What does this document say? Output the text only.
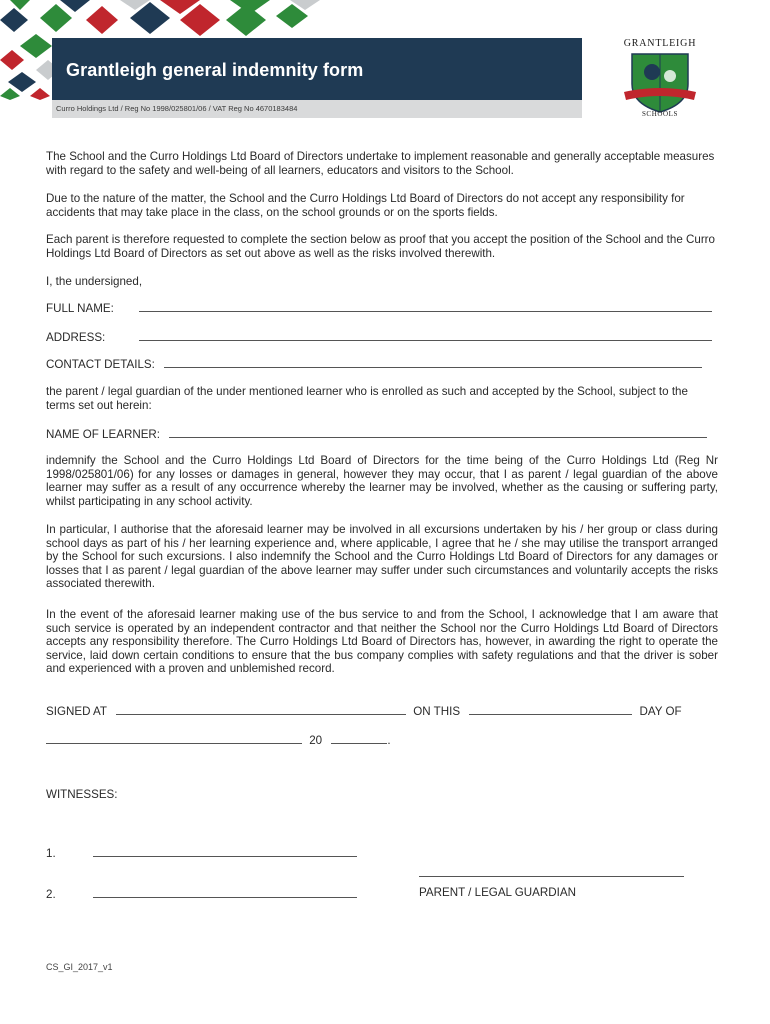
Grantleigh general indemnity form
Curro Holdings Ltd / Reg No 1998/025801/06 / VAT Reg No 4670183484
GRANTLEIGH
SCHOOLS
The School and the Curro Holdings Ltd Board of Directors undertake to implement reasonable and generally acceptable measures with regard to the safety and well-being of all learners, educators and visitors to the School.
Due to the nature of the matter, the School and the Curro Holdings Ltd Board of Directors do not accept any responsibility for accidents that may take place in the class, on the school grounds or on the sports fields.
Each parent is therefore requested to complete the section below as proof that you accept the position of the School and the Curro Holdings Ltd Board of Directors as set out above as well as the risks involved therewith.
I, the undersigned,
FULL NAME:
ADDRESS:
CONTACT DETAILS:
the parent / legal guardian of the under mentioned learner who is enrolled as such and accepted by the School, subject to the terms set out herein:
NAME OF LEARNER:
indemnify the School and the Curro Holdings Ltd Board of Directors for the time being of the Curro Holdings Ltd (Reg Nr 1998/025801/06) for any losses or damages in general, however they may occur, that I as parent / legal guardian of the above learner may suffer as a result of any occurrence whereby the learner may be involved, whether as the causing or suffering party, whilst participating in any school activity.
In particular, I authorise that the aforesaid learner may be involved in all excursions undertaken by his / her group or class during school days as part of his / her learning experience and, where applicable, I agree that he / she may utilise the transport arranged by the School for such excursions. I also indemnify the School and the Curro Holdings Ltd Board of Directors for any damages or losses that I as parent / legal guardian of the above learner may suffer under such circumstances and voluntarily accepts the risks associated therewith.
In the event of the aforesaid learner making use of the bus service to and from the School, I acknowledge that I am aware that such service is operated by an independent contractor and that neither the School nor the Curro Holdings Ltd Board of Directors accepts any responsibility therefore. The Curro Holdings Ltd Board of Directors has, however, in awarding the right to operate the service, laid down certain conditions to ensure that the bus company complies with safety regulations and that the driver is sober and experienced with a proven and unblemished record.
SIGNED AT	ON THIS	DAY OF
20	.
WITNESSES:
1.
2.	PARENT / LEGAL GUARDIAN
CS_GI_2017_v1
